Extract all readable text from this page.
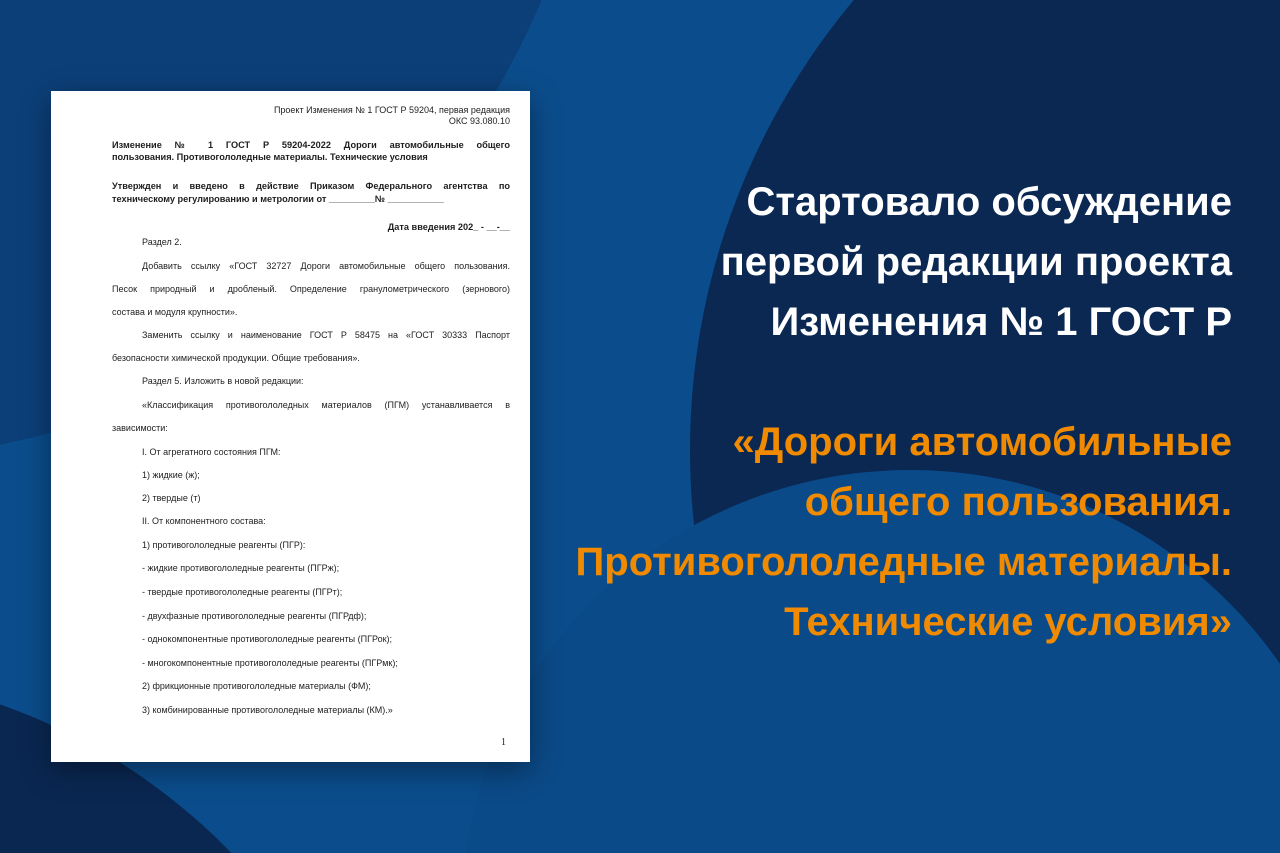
Проект Изменения № 1 ГОСТ Р 59204, первая редакция
ОКС 93.080.10
Изменение № 1 ГОСТ Р 59204-2022 Дороги автомобильные общего
пользования. Противогололедные материалы. Технические условия
Утвержден и введено в действие Приказом Федерального агентства по
техническому регулированию и метрологии от _________№ ___________
Дата введения 202_ - __-__
Раздел 2.
Добавить ссылку «ГОСТ 32727 Дороги автомобильные общего пользования.
Песок природный и дробленый. Определение гранулометрического (зернового)
состава и модуля крупности».
Заменить ссылку и наименование ГОСТ Р 58475 на «ГОСТ 30333 Паспорт
безопасности химической продукции. Общие требования».
Раздел 5. Изложить в новой редакции:
«Классификация противогололедных материалов (ПГМ) устанавливается в
зависимости:
I. От агрегатного состояния ПГМ:
1) жидкие (ж);
2) твердые (т)
II. От компонентного состава:
1) противогололедные реагенты (ПГР):
- жидкие противогололедные реагенты (ПГРж);
- твердые противогололедные реагенты (ПГРт);
- двухфазные противогололедные реагенты (ПГРдф);
- однокомпонентные противогололедные реагенты (ПГРок);
- многокомпонентные противогололедные реагенты (ПГРмк);
2) фрикционные противогололедные материалы (ФМ);
3) комбинированные противогололедные материалы (КМ).»
1
Стартовало обсуждение
первой редакции проекта
Изменения № 1 ГОСТ Р
«Дороги автомобильные
общего пользования.
Противогололедные материалы.
Технические условия»
